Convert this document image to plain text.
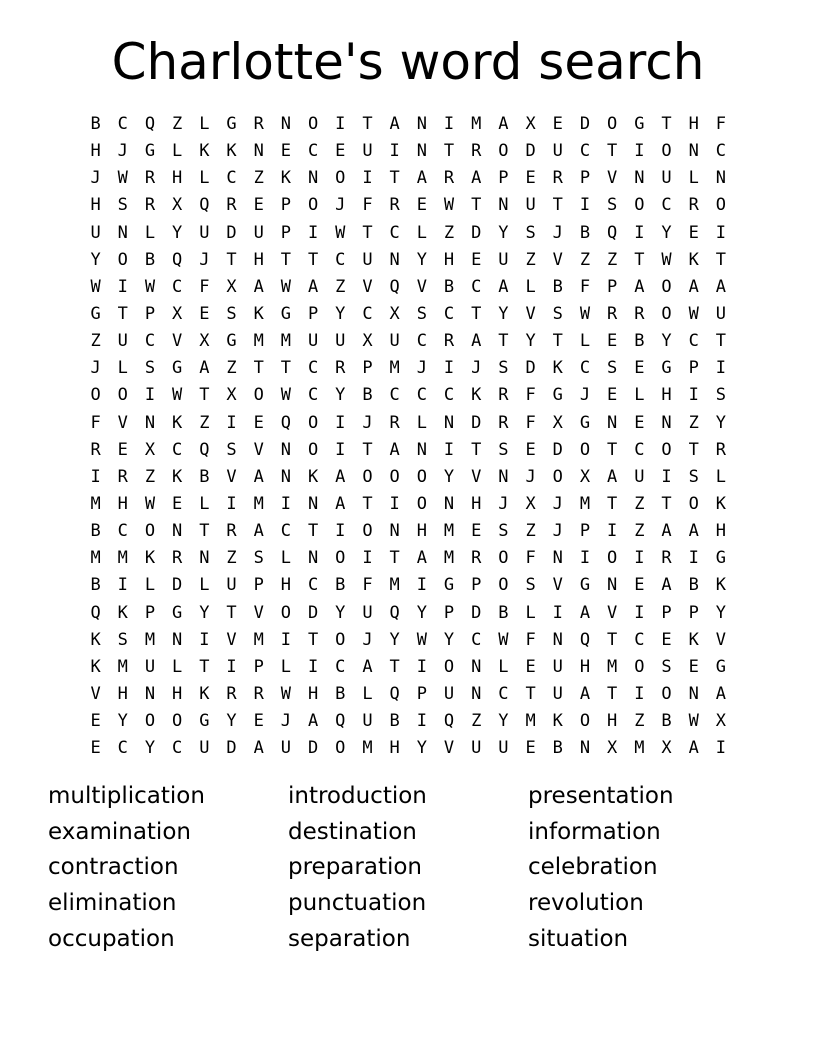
Charlotte's word search
B C Q Z L G R N O I T A N I M A X E D O G T H F
H J G L K K N E C E U I N T R O D U C T I O N C
J W R H L C Z K N O I T A R A P E R P V N U L N
H S R X Q R E P O J F R E W T N U T I S O C R O
U N L Y U D U P I W T C L Z D Y S J B Q I Y E I
Y O B Q J T H T T C U N Y H E U Z V Z Z T W K T
W I W C F X A W A Z V Q V B C A L B F P A O A A
G T P X E S K G P Y C X S C T Y V S W R R O W U
Z U C V X G M M U U X U C R A T Y T L E B Y C T
J L S G A Z T T C R P M J I J S D K C S E G P I
O O I W T X O W C Y B C C C K R F G J E L H I S
F V N K Z I E Q O I J R L N D R F X G N E N Z Y
R E X C Q S V N O I T A N I T S E D O T C O T R
I R Z K B V A N K A O O O Y V N J O X A U I S L
M H W E L I M I N A T I O N H J X J M T Z T O K
B C O N T R A C T I O N H M E S Z J P I Z A A H
M M K R N Z S L N O I T A M R O F N I O I R I G
B I L D L U P H C B F M I G P O S V G N E A B K
Q K P G Y T V O D Y U Q Y P D B L I A V I P P Y
K S M N I V M I T O J Y W Y C W F N Q T C E K V
K M U L T I P L I C A T I O N L E U H M O S E G
V H N H K R R W H B L Q P U N C T U A T I O N A
E Y O O G Y E J A Q U B I Q Z Y M K O H Z B W X
E C Y C U D A U D O M H Y V U U E B N X M X A I
multiplication
examination
contraction
elimination
occupation
introduction
destination
preparation
punctuation
separation
presentation
information
celebration
revolution
situation
